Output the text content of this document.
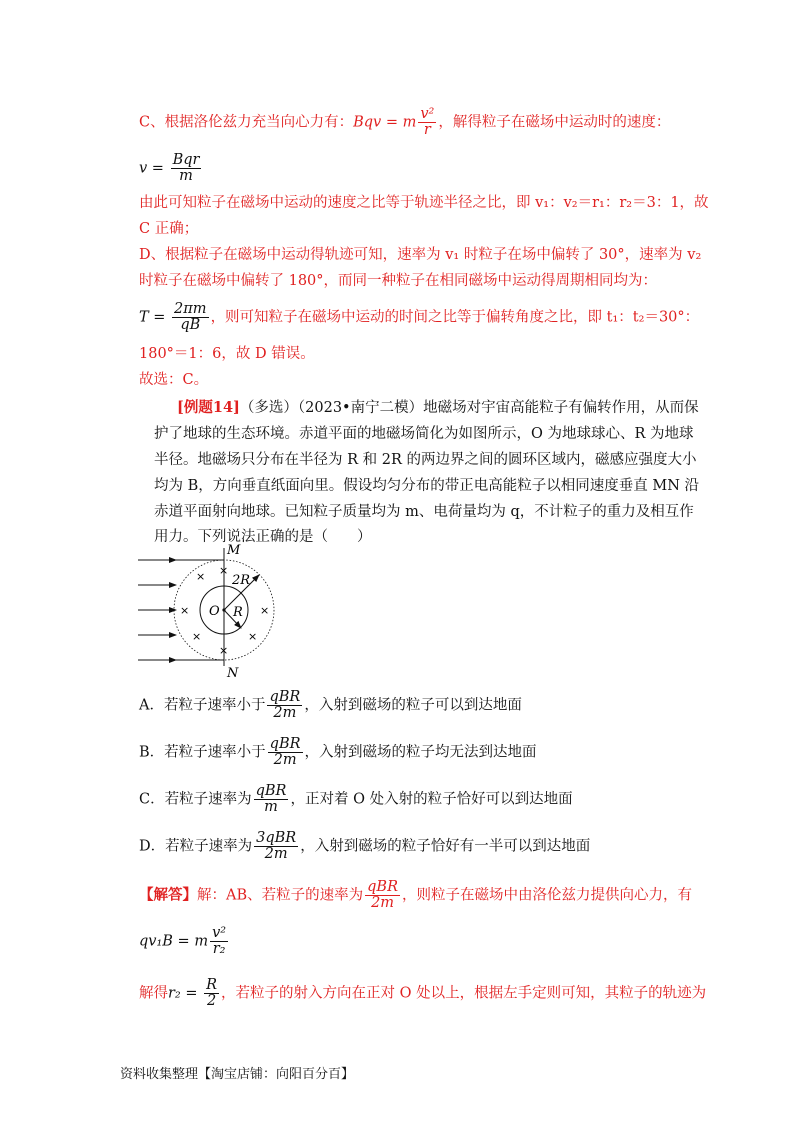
C、根据洛伦兹力充当向心力有：Bqv = m $\frac{\text{v²}}{r}$ ，解得粒子在磁场中运动时的速度：
$v = \frac{\text{Bqr}}{m}$
由此可知粒子在磁场中运动的速度之比等于轨迹半径之比，即 v₁：v₂＝r₁：r₂＝3：1，故
C 正确；
D、根据粒子在磁场中运动得轨迹可知，速率为 v₁ 时粒子在场中偏转了 30°，速率为 v₂
时粒子在磁场中偏转了 180°，而同一种粒子在相同磁场中运动得周期相同均为：
$T = \frac{2\pi m}{qB}$ ，则可知粒子在磁场中运动的时间之比等于偏转角度之比，即 t₁：t₂＝30°：
180°＝1：6，故 D 错误。
故选：C。
[例题14]（多选）（2023•南宁二模）地磁场对宇宙高能粒子有偏转作用，从而保
护了地球的生态环境。赤道平面的地磁场简化为如图所示，O 为地球球心、R 为地球
半径。地磁场只分布在半径为 R 和 2R 的两边界之间的圆环区域内，磁感应强度大小
均为 B，方向垂直纸面向里。假设均匀分布的带正电高能粒子以相同速度垂直 MN 沿
赤道平面射向地球。已知粒子质量均为 m、电荷量均为 q，不计粒子的重力及相互作
用力。下列说法正确的是（　　）
× ×
×	×
×	×
×
M
N
O R
2R
A．若粒子速率小于 $\frac{\text{qBR}}{2m}$ ，入射到磁场的粒子可以到达地面
B．若粒子速率小于 $\frac{\text{qBR}}{2m}$ ，入射到磁场的粒子均无法到达地面
C．若粒子速率为 $\frac{\text{qBR}}{m}$ ，正对着 O 处入射的粒子恰好可以到达地面
D．若粒子速率为 $\frac{\text{3qBR}}{2m}$ ，入射到磁场的粒子恰好有一半可以到达地面
【解答】解：AB、若粒子的速率为 $\frac{\text{qBR}}{2m}$ ，则粒子在磁场中由洛伦兹力提供向心力，有
qv₁B = m $\frac{\text{v²}}{\text{r₂}}$
解得$r_2 = \frac{R}{2}$ ，若粒子的射入方向在正对 O 处以上，根据左手定则可知，其粒子的轨迹为
资料收集整理【淘宝店铺：向阳百分百】
